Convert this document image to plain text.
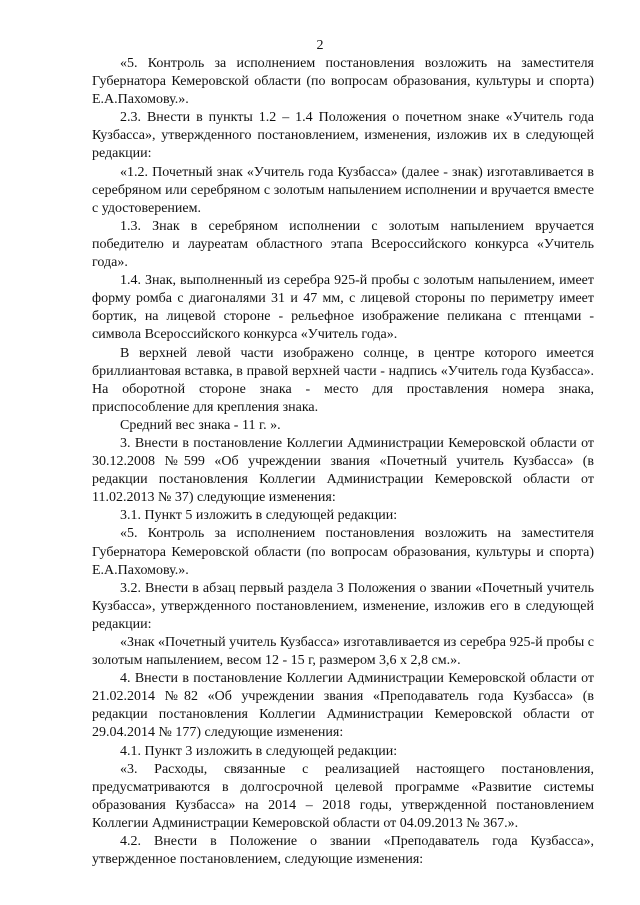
2

«5. Контроль за исполнением постановления возложить на заместителя Губернатора Кемеровской области (по вопросам образования, культуры и спорта) Е.А.Пахомову.».

2.3. Внести в пункты 1.2 – 1.4 Положения о почетном знаке «Учитель года Кузбасса», утвержденного постановлением, изменения, изложив их в следующей редакции:

«1.2. Почетный знак «Учитель года Кузбасса» (далее - знак) изготавливается в серебряном или серебряном с золотым напылением исполнении и вручается вместе с удостоверением.

1.3. Знак в серебряном исполнении с золотым напылением вручается победителю и лауреатам областного этапа Всероссийского конкурса «Учитель года».

1.4. Знак, выполненный из серебра 925-й пробы с золотым напылением, имеет форму ромба с диагоналями 31 и 47 мм, с лицевой стороны по периметру имеет бортик, на лицевой стороне - рельефное изображение пеликана с птенцами - символа Всероссийского конкурса «Учитель года».

В верхней левой части изображено солнце, в центре которого имеется бриллиантовая вставка, в правой верхней части - надпись «Учитель года Кузбасса». На оборотной стороне знака - место для проставления номера знака, приспособление для крепления знака.

Средний вес знака - 11 г. ».

3. Внести в постановление Коллегии Администрации Кемеровской области от 30.12.2008 №599 «Об учреждении звания «Почетный учитель Кузбасса» (в редакции постановления Коллегии Администрации Кемеровской области от 11.02.2013 № 37) следующие изменения:

3.1. Пункт 5 изложить в следующей редакции:

«5. Контроль за исполнением постановления возложить на заместителя Губернатора Кемеровской области (по вопросам образования, культуры и спорта) Е.А.Пахомову.».

3.2. Внести в абзац первый раздела 3 Положения о звании «Почетный учитель Кузбасса», утвержденного постановлением, изменение, изложив его в следующей редакции:

«Знак «Почетный учитель Кузбасса» изготавливается из серебра 925-й пробы с золотым напылением, весом 12 - 15 г, размером 3,6 х 2,8 см.».

4. Внести в постановление Коллегии Администрации Кемеровской области от 21.02.2014 №82 «Об учреждении звания «Преподаватель года Кузбасса» (в редакции постановления Коллегии Администрации Кемеровской области от 29.04.2014 № 177) следующие изменения:

4.1. Пункт 3 изложить в следующей редакции:

«3. Расходы, связанные с реализацией настоящего постановления, предусматриваются в долгосрочной целевой программе «Развитие системы образования Кузбасса» на 2014 – 2018 годы, утвержденной постановлением Коллегии Администрации Кемеровской области от 04.09.2013 № 367.».

4.2. Внести в Положение о звании «Преподаватель года Кузбасса», утвержденное постановлением, следующие изменения:
